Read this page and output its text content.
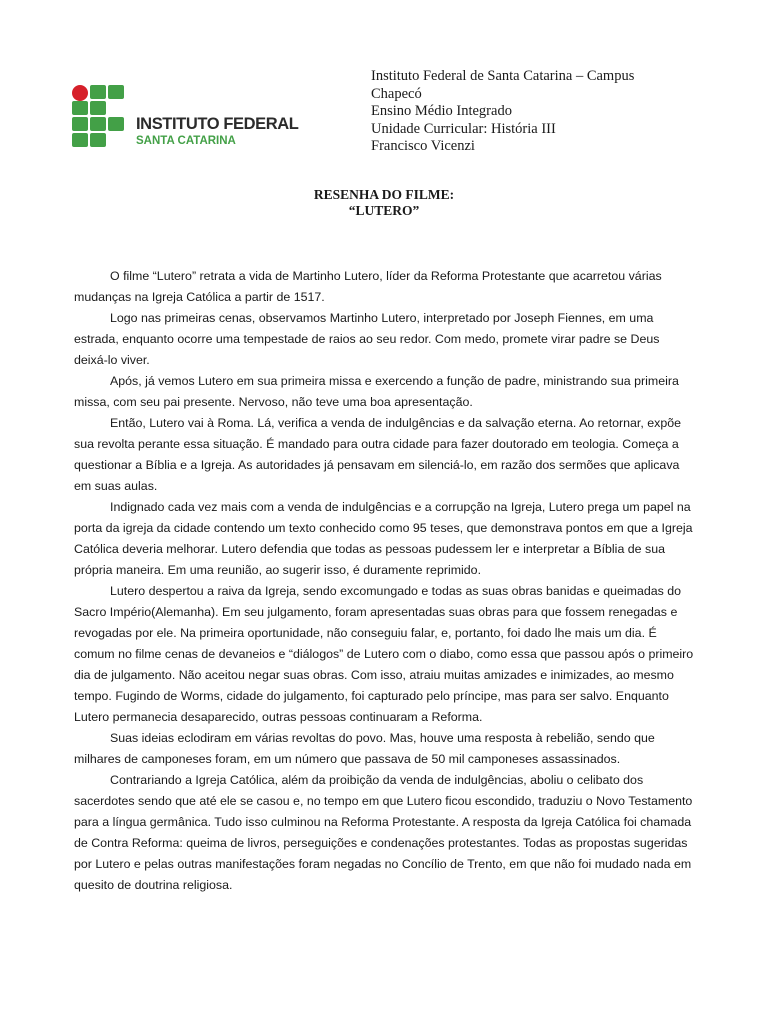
INSTITUTO FEDERAL
SANTA CATARINA
Instituto Federal de Santa Catarina – Campus
Chapecó
Ensino Médio Integrado
Unidade Curricular: História III
Francisco Vicenzi
RESENHA DO FILME:
“LUTERO”

O filme “Lutero” retrata a vida de Martinho Lutero, líder da Reforma Protestante que acarretou várias mudanças na Igreja Católica a partir de 1517.

Logo nas primeiras cenas, observamos Martinho Lutero, interpretado por Joseph Fiennes, em uma estrada, enquanto ocorre uma tempestade de raios ao seu redor. Com medo, promete virar padre se Deus deixá-lo viver.

Após, já vemos Lutero em sua primeira missa e exercendo a função de padre, ministrando sua primeira missa, com seu pai presente. Nervoso, não teve uma boa apresentação.

Então, Lutero vai à Roma. Lá, verifica a venda de indulgências e da salvação eterna. Ao retornar, expõe sua revolta perante essa situação. É mandado para outra cidade para fazer doutorado em teologia. Começa a questionar a Bíblia e a Igreja. As autoridades já pensavam em silenciá-lo, em razão dos sermões que aplicava em suas aulas.

Indignado cada vez mais com a venda de indulgências e a corrupção na Igreja, Lutero prega um papel na porta da igreja da cidade contendo um texto conhecido como 95 teses, que demonstrava pontos em que a Igreja Católica deveria melhorar. Lutero defendia que todas as pessoas pudessem ler e interpretar a Bíblia de sua própria maneira. Em uma reunião, ao sugerir isso, é duramente reprimido.

Lutero despertou a raiva da Igreja, sendo excomungado e todas as suas obras banidas e queimadas do Sacro Império(Alemanha). Em seu julgamento, foram apresentadas suas obras para que fossem renegadas e revogadas por ele. Na primeira oportunidade, não conseguiu falar, e, portanto, foi dado lhe mais um dia. É comum no filme cenas de devaneios e “diálogos” de Lutero com o diabo, como essa que passou após o primeiro dia de julgamento. Não aceitou negar suas obras. Com isso, atraiu muitas amizades e inimizades, ao mesmo tempo. Fugindo de Worms, cidade do julgamento, foi capturado pelo príncipe, mas para ser salvo. Enquanto Lutero permanecia desaparecido, outras pessoas continuaram a Reforma.

Suas ideias eclodiram em várias revoltas do povo. Mas, houve uma resposta à rebelião, sendo que milhares de camponeses foram, em um número que passava de 50 mil camponeses assassinados.

Contrariando a Igreja Católica, além da proibição da venda de indulgências, aboliu o celibato dos sacerdotes sendo que até ele se casou e, no tempo em que Lutero ficou escondido, traduziu o Novo Testamento para a língua germânica. Tudo isso culminou na Reforma Protestante. A resposta da Igreja Católica foi chamada de Contra Reforma: queima de livros, perseguições e condenações protestantes. Todas as propostas sugeridas por Lutero e pelas outras manifestações foram negadas no Concílio de Trento, em que não foi mudado nada em quesito de doutrina religiosa.
